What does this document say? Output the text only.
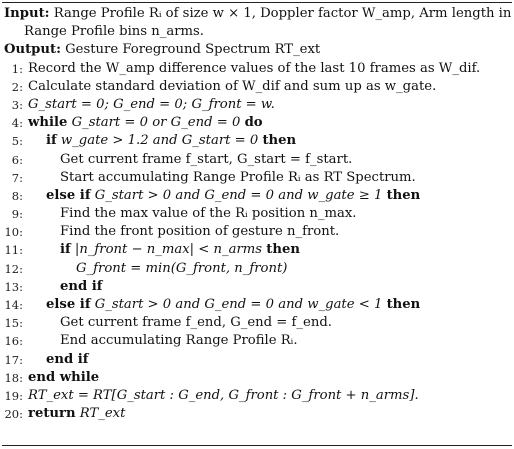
Input: Range Profile Rᵢ of size w × 1, Doppler factor W_amp, Arm length in
Range Profile bins n_arms.
Output: Gesture Foreground Spectrum RT_ext
1: Record the W_amp difference values of the last 10 frames as W_dif.
2: Calculate standard deviation of W_dif and sum up as w_gate.
3: G_start = 0; G_end = 0; G_front = w.
4: while G_start = 0 or G_end = 0 do
5: if w_gate > 1.2 and G_start = 0 then
6:	Get current frame f_start, G_start = f_start.
7:	Start accumulating Range Profile Rᵢ as RT Spectrum.
8: else if G_start > 0 and G_end = 0 and w_gate ≥ 1 then
9:	Find the max value of the Rᵢ position n_max.
10:	Find the front position of gesture n_front.
11:	if |n_front − n_max| < n_arms then
12:	G_front = min(G_front, n_front)
13:	end if
14: else if G_start > 0 and G_end = 0 and w_gate < 1 then
15:	Get current frame f_end, G_end = f_end.
16:	End accumulating Range Profile Rᵢ.
17: end if
18: end while
19: RT_ext = RT[G_start : G_end, G_front : G_front + n_arms].
20: return RT_ext
